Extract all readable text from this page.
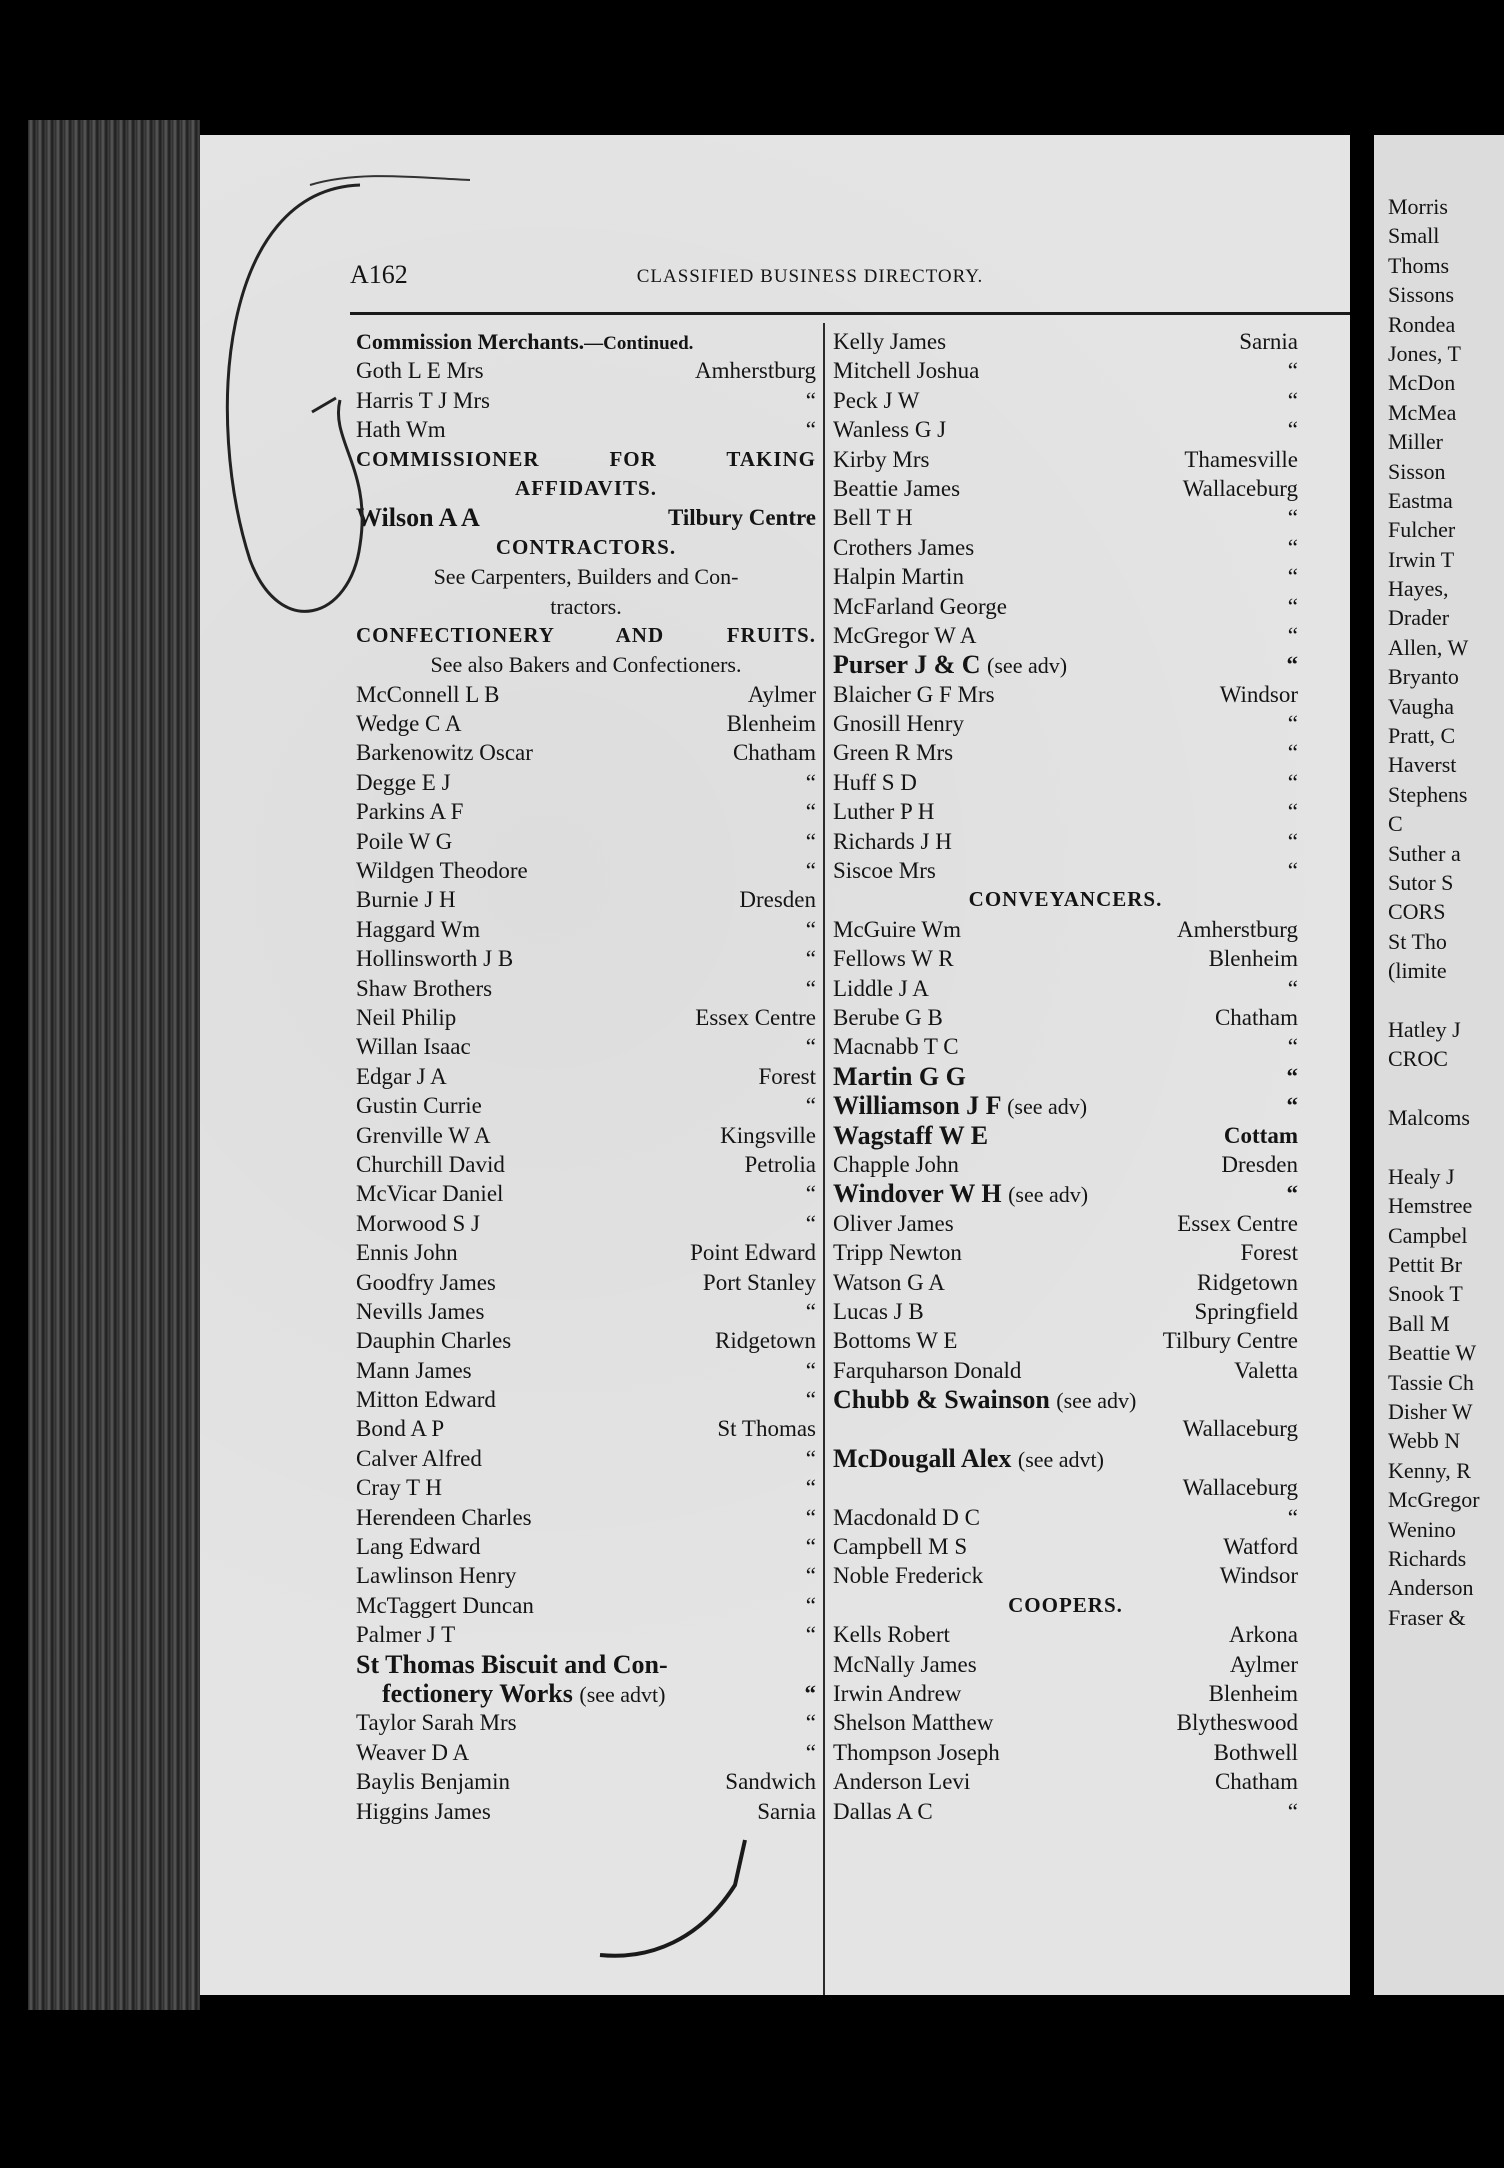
A162	CLASSIFIED BUSINESS DIRECTORY.
Commission Merchants.—Continued.
Goth L E Mrs	Amherstburg
Harris T J Mrs	“
Hath Wm	“
COMMISSIONER FOR TAKING
AFFIDAVITS.
Wilson A A	Tilbury Centre
CONTRACTORS.
See Carpenters, Builders and Con-
tractors.
CONFECTIONERY AND FRUITS.
See also Bakers and Confectioners.
McConnell L B	Aylmer
Wedge C A	Blenheim
Barkenowitz Oscar	Chatham
Degge E J	“
Parkins A F	“
Poile W G	“
Wildgen Theodore	“
Burnie J H	Dresden
Haggard Wm	“
Hollinsworth J B	“
Shaw Brothers	“
Neil Philip	Essex Centre
Willan Isaac	“
Edgar J A	Forest
Gustin Currie	“
Grenville W A	Kingsville
Churchill David	Petrolia
McVicar Daniel	“
Morwood S J	“
Ennis John	Point Edward
Goodfry James	Port Stanley
Nevills James	“
Dauphin Charles	Ridgetown
Mann James	“
Mitton Edward	“
Bond A P	St Thomas
Calver Alfred	“
Cray T H	“
Herendeen Charles	“
Lang Edward	“
Lawlinson Henry	“
McTaggert Duncan	“
Palmer J T	“
St Thomas Biscuit and Con-
fectionery Works (see advt)	“
Taylor Sarah Mrs	“
Weaver D A	“
Baylis Benjamin	Sandwich
Higgins James	Sarnia
Kelly James	Sarnia
Mitchell Joshua	“
Peck J W	“
Wanless G J	“
Kirby Mrs	Thamesville
Beattie James	Wallaceburg
Bell T H	“
Crothers James	“
Halpin Martin	“
McFarland George	“
McGregor W A	“
Purser J & C (see adv)	“
Blaicher G F Mrs	Windsor
Gnosill Henry	“
Green R Mrs	“
Huff S D	“
Luther P H	“
Richards J H	“
Siscoe Mrs	“
CONVEYANCERS.
McGuire Wm	Amherstburg
Fellows W R	Blenheim
Liddle J A	“
Berube G B	Chatham
Macnabb T C	“
Martin G G	“
Williamson J F (see adv)	“
Wagstaff W E	Cottam
Chapple John	Dresden
Windover W H (see adv)	“
Oliver James	Essex Centre
Tripp Newton	Forest
Watson G A	Ridgetown
Lucas J B	Springfield
Bottoms W E	Tilbury Centre
Farquharson Donald	Valetta
Chubb & Swainson (see adv)
Wallaceburg
McDougall Alex (see advt)
Wallaceburg
Macdonald D C	“
Campbell M S	Watford
Noble Frederick	Windsor
COOPERS.
Kells Robert	Arkona
McNally James	Aylmer
Irwin Andrew	Blenheim
Shelson Matthew	Blytheswood
Thompson Joseph	Bothwell
Anderson Levi	Chatham
Dallas A C	“
Morris
Small
Thoms
Sissons
Rondea
Jones, T
McDon
McMea
Miller
Sisson
Eastma
Fulcher
Irwin T
Hayes,
Drader
Allen, W
Bryanto
Vaugha
Pratt, C
Haverst
Stephens
C
Suther a
Sutor S
CORS
St Tho
(limite
Hatley J
CROC
Malcoms
Healy J
Hemstree
Campbel
Pettit Br
Snook T
Ball M
Beattie W
Tassie Ch
Disher W
Webb N
Kenny, R
McGregor
Wenino
Richards
Anderson
Fraser &
